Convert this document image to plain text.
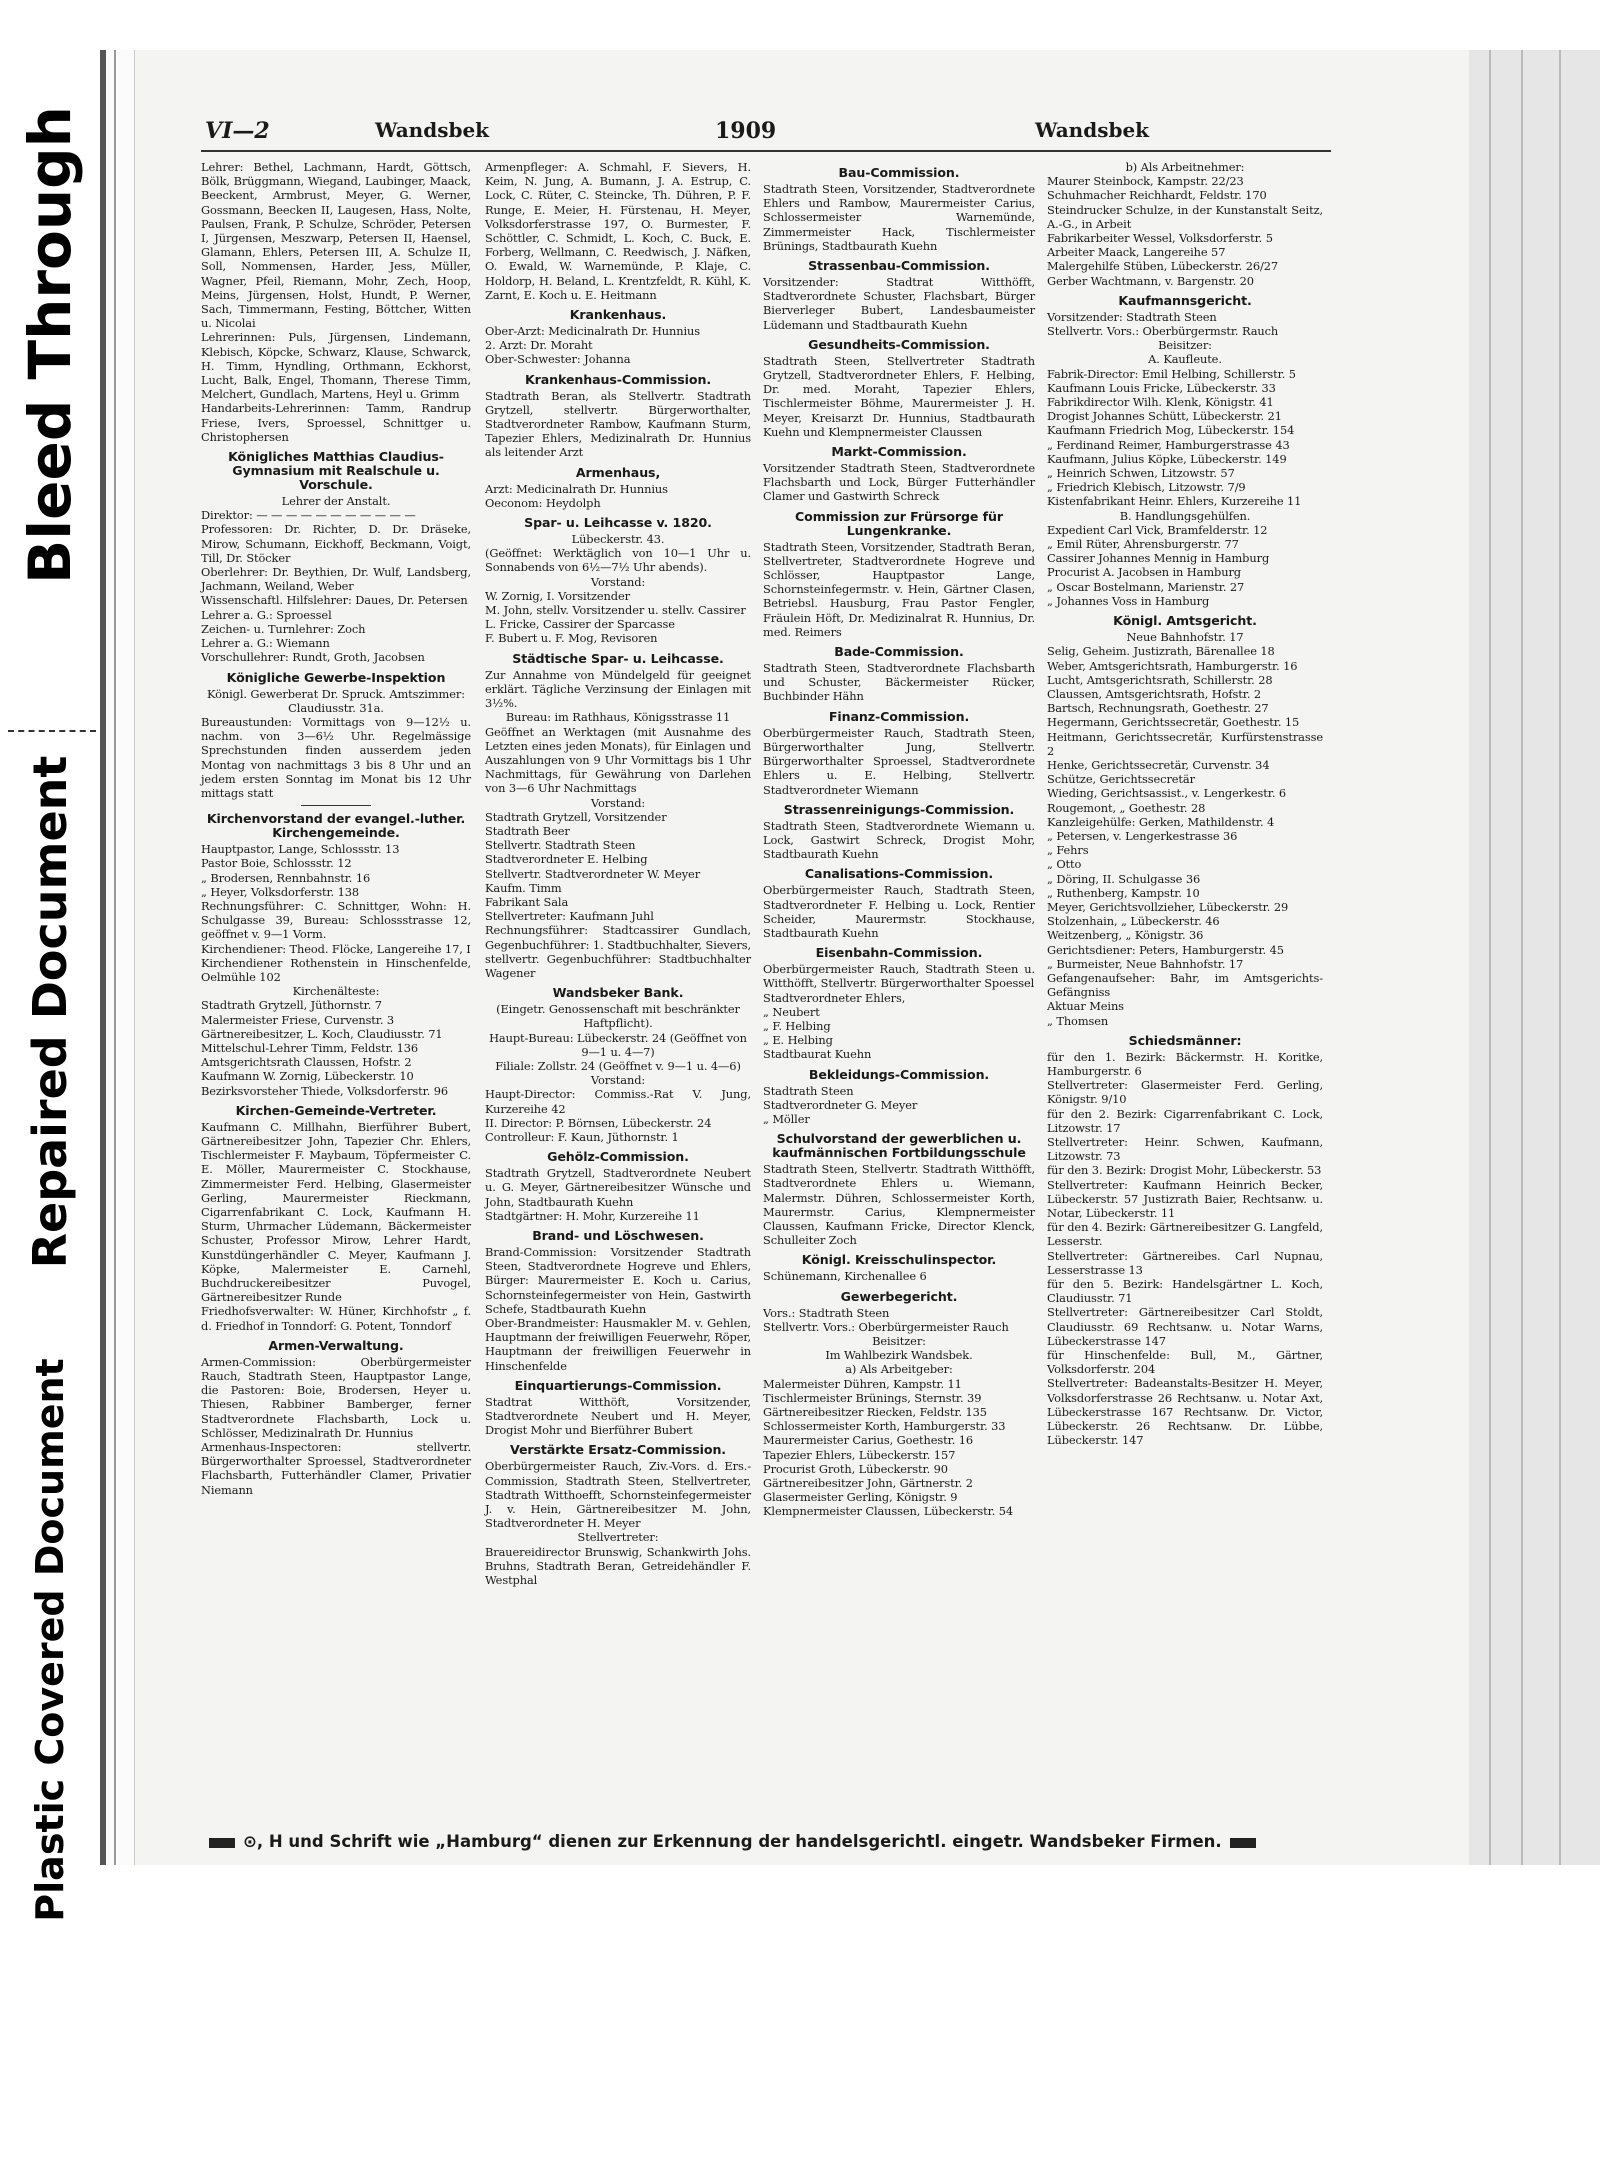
Bleed Through
Repaired Document
Plastic Covered Document
VI—2	Wandsbek	1909	Wandsbek

Lehrer: Bethel, Lachmann, Hardt, Göttsch, Bölk, Brüggmann, Wiegand, Laubinger, Maack, Beeckent, Armbrust, Meyer, G. Werner, Gossmann, Beecken II, Laugesen, Hass, Nolte, Paulsen, Frank, P. Schulze, Schröder, Petersen I, Jürgensen, Meszwarp, Petersen II, Haensel, Glamann, Ehlers, Petersen III, A. Schulze II, Soll, Nommensen, Harder, Jess, Müller, Wagner, Pfeil, Riemann, Mohr, Zech, Hoop, Meins, Jürgensen, Holst, Hundt, P. Werner, Sach, Timmermann, Festing, Böttcher, Witten u. Nicolai

Lehrerinnen: Puls, Jürgensen, Lindemann, Klebisch, Köpcke, Schwarz, Klause, Schwarck, H. Timm, Hyndling, Orthmann, Eckhorst, Lucht, Balk, Engel, Thomann, Therese Timm, Melchert, Gundlach, Martens, Heyl u. Grimm

Handarbeits-Lehrerinnen: Tamm, Randrup Friese, Ivers, Sproessel, Schnittger u. Christophersen

Königliches Matthias Claudius-Gymnasium mit Realschule u. Vorschule.

Lehrer der Anstalt.

Direktor: — — — — — — — — — — —

Professoren: Dr. Richter, D. Dr. Dräseke, Mirow, Schumann, Eickhoff, Beckmann, Voigt, Till, Dr. Stöcker

Oberlehrer: Dr. Beythien, Dr. Wulf, Landsberg, Jachmann, Weiland, Weber

Wissenschaftl. Hilfslehrer: Daues, Dr. Petersen

Lehrer a. G.: Sproessel

Zeichen- u. Turnlehrer: Zoch

Lehrer a. G.: Wiemann

Vorschullehrer: Rundt, Groth, Jacobsen

Königliche Gewerbe-Inspektion

Königl. Gewerberat Dr. Spruck. Amtszimmer: Claudiusstr. 31a.

Bureaustunden: Vormittags von 9—12½ u. nachm. von 3—6½ Uhr. Regelmässige Sprechstunden finden ausserdem jeden Montag von nachmittags 3 bis 8 Uhr und an jedem ersten Sonntag im Monat bis 12 Uhr mittags statt

Kirchenvorstand der evangel.-luther. Kirchengemeinde.

Hauptpastor, Lange, Schlossstr. 13

Pastor Boie, Schlossstr. 12

„ Brodersen, Rennbahnstr. 16

„ Heyer, Volksdorferstr. 138

Rechnungsführer: C. Schnittger, Wohn: H. Schulgasse 39, Bureau: Schlossstrasse 12, geöffnet v. 9—1 Vorm.

Kirchendiener: Theod. Flöcke, Langereihe 17, I

Kirchendiener Rothenstein in Hinschenfelde, Oelmühle 102

Kirchenälteste:

Stadtrath Grytzell, Jüthornstr. 7

Malermeister Friese, Curvenstr. 3

Gärtnereibesitzer, L. Koch, Claudiusstr. 71

Mittelschul-Lehrer Timm, Feldstr. 136

Amtsgerichtsrath Claussen, Hofstr. 2

Kaufmann W. Zornig, Lübeckerstr. 10

Bezirksvorsteher Thiede, Volksdorferstr. 96

Kirchen-Gemeinde-Vertreter.

Kaufmann C. Millhahn, Bierführer Bubert, Gärtnereibesitzer John, Tapezier Chr. Ehlers, Tischlermeister F. Maybaum, Töpfermeister C. E. Möller, Maurermeister C. Stockhause, Zimmermeister Ferd. Helbing, Glasermeister Gerling, Maurermeister Rieckmann, Cigarrenfabrikant C. Lock, Kaufmann H. Sturm, Uhrmacher Lüdemann, Bäckermeister Schuster, Professor Mirow, Lehrer Hardt, Kunstdüngerhändler C. Meyer, Kaufmann J. Köpke, Malermeister E. Carnehl, Buchdruckereibesitzer Puvogel, Gärtnereibesitzer Runde

Friedhofsverwalter: W. Hüner, Kirchhofstr „ f. d. Friedhof in Tonndorf: G. Potent, Tonndorf

Armen-Verwaltung.

Armen-Commission: Oberbürgermeister Rauch, Stadtrath Steen, Hauptpastor Lange, die Pastoren: Boie, Brodersen, Heyer u. Thiesen, Rabbiner Bamberger, ferner Stadtverordnete Flachsbarth, Lock u. Schlösser, Medizinalrath Dr. Hunnius

Armenhaus-Inspectoren: stellvertr. Bürgerworthalter Sproessel, Stadtverordneter Flachsbarth, Futterhändler Clamer, Privatier Niemann

Armenpfleger: A. Schmahl, F. Sievers, H. Keim, N. Jung, A. Bumann, J. A. Estrup, C. Lock, C. Rüter, C. Steincke, Th. Dühren, P. F. Runge, E. Meier, H. Fürstenau, H. Meyer, Volksdorferstrasse 197, O. Burmester, F. Schöttler, C. Schmidt, L. Koch, C. Buck, E. Forberg, Wellmann, C. Reedwisch, J. Näfken, O. Ewald, W. Warnemünde, P. Klaje, C. Holdorp, H. Beland, L. Krentzfeldt, R. Kühl, K. Zarnt, E. Koch u. E. Heitmann

Krankenhaus.

Ober-Arzt: Medicinalrath Dr. Hunnius

2. Arzt: Dr. Moraht

Ober-Schwester: Johanna

Krankenhaus-Commission.

Stadtrath Beran, als Stellvertr. Stadtrath Grytzell, stellvertr. Bürgerworthalter, Stadtverordneter Rambow, Kaufmann Sturm, Tapezier Ehlers, Medizinalrath Dr. Hunnius als leitender Arzt

Armenhaus,

Arzt: Medicinalrath Dr. Hunnius

Oeconom: Heydolph

Spar- u. Leihcasse v. 1820.

Lübeckerstr. 43.

(Geöffnet: Werktäglich von 10—1 Uhr u. Sonnabends von 6½—7½ Uhr abends).

Vorstand:

W. Zornig, I. Vorsitzender

M. John, stellv. Vorsitzender u. stellv. Cassirer

L. Fricke, Cassirer der Sparcasse

F. Bubert u. F. Mog, Revisoren

Städtische Spar- u. Leihcasse.

Zur Annahme von Mündelgeld für geeignet erklärt. Tägliche Verzinsung der Einlagen mit 3½%.

Bureau: im Rathhaus, Königsstrasse 11

Geöffnet an Werktagen (mit Ausnahme des Letzten eines jeden Monats), für Einlagen und Auszahlungen von 9 Uhr Vormittags bis 1 Uhr Nachmittags, für Gewährung von Darlehen von 3—6 Uhr Nachmittags

Vorstand:

Stadtrath Grytzell, Vorsitzender

Stadtrath Beer

Stellvertr. Stadtrath Steen

Stadtverordneter E. Helbing

Stellvertr. Stadtverordneter W. Meyer

Kaufm. Timm

Fabrikant Sala

Stellvertreter: Kaufmann Juhl

Rechnungsführer: Stadtcassirer Gundlach, Gegenbuchführer: 1. Stadtbuchhalter, Sievers, stellvertr. Gegenbuchführer: Stadtbuchhalter Wagener

Wandsbeker Bank.

(Eingetr. Genossenschaft mit beschränkter Haftpflicht).

Haupt-Bureau: Lübeckerstr. 24 (Geöffnet von 9—1 u. 4—7)

Filiale: Zollstr. 24 (Geöffnet v. 9—1 u. 4—6)

Vorstand:

Haupt-Director: Commiss.-Rat V. Jung, Kurzereihe 42

II. Director: P. Börnsen, Lübeckerstr. 24

Controlleur: F. Kaun, Jüthornstr. 1

Gehölz-Commission.

Stadtrath Grytzell, Stadtverordnete Neubert u. G. Meyer, Gärtnereibesitzer Wünsche und John, Stadtbaurath Kuehn

Stadtgärtner: H. Mohr, Kurzereihe 11

Brand- und Löschwesen.

Brand-Commission: Vorsitzender Stadtrath Steen, Stadtverordnete Hogreve und Ehlers, Bürger: Maurermeister E. Koch u. Carius, Schornsteinfegermeister von Hein, Gastwirth Schefe, Stadtbaurath Kuehn

Ober-Brandmeister: Hausmakler M. v. Gehlen, Hauptmann der freiwilligen Feuerwehr, Röper, Hauptmann der freiwilligen Feuerwehr in Hinschenfelde

Einquartierungs-Commission.

Stadtrat Witthöft, Vorsitzender, Stadtverordnete Neubert und H. Meyer, Drogist Mohr und Bierführer Bubert

Verstärkte Ersatz-Commission.

Oberbürgermeister Rauch, Ziv.-Vors. d. Ers.-Commission, Stadtrath Steen, Stellvertreter, Stadtrath Witthoefft, Schornsteinfegermeister J. v. Hein, Gärtnereibesitzer M. John, Stadtverordneter H. Meyer

Stellvertreter:

Brauereidirector Brunswig, Schankwirth Johs. Bruhns, Stadtrath Beran, Getreidehändler F. Westphal

Bau-Commission.

Stadtrath Steen, Vorsitzender, Stadtverordnete Ehlers und Rambow, Maurermeister Carius, Schlossermeister Warnemünde, Zimmermeister Hack, Tischlermeister Brünings, Stadtbaurath Kuehn

Strassenbau-Commission.

Vorsitzender: Stadtrat Witthöfft, Stadtverordnete Schuster, Flachsbart, Bürger Bierverleger Bubert, Landesbaumeister Lüdemann und Stadtbaurath Kuehn

Gesundheits-Commission.

Stadtrath Steen, Stellvertreter Stadtrath Grytzell, Stadtverordneter Ehlers, F. Helbing, Dr. med. Moraht, Tapezier Ehlers, Tischlermeister Böhme, Maurermeister J. H. Meyer, Kreisarzt Dr. Hunnius, Stadtbaurath Kuehn und Klempnermeister Claussen

Markt-Commission.

Vorsitzender Stadtrath Steen, Stadtverordnete Flachsbarth und Lock, Bürger Futterhändler Clamer und Gastwirth Schreck

Commission zur Frürsorge für Lungenkranke.

Stadtrath Steen, Vorsitzender, Stadtrath Beran, Stellvertreter, Stadtverordnete Hogreve und Schlösser, Hauptpastor Lange, Schornsteinfegermstr. v. Hein, Gärtner Clasen, Betriebsl. Hausburg, Frau Pastor Fengler, Fräulein Höft, Dr. Medizinalrat R. Hunnius, Dr. med. Reimers

Bade-Commission.

Stadtrath Steen, Stadtverordnete Flachsbarth und Schuster, Bäckermeister Rücker, Buchbinder Hähn

Finanz-Commission.

Oberbürgermeister Rauch, Stadtrath Steen, Bürgerworthalter Jung, Stellvertr. Bürgerworthalter Sproessel, Stadtverordnete Ehlers u. E. Helbing, Stellvertr. Stadtverordneter Wiemann

Strassenreinigungs-Commission.

Stadtrath Steen, Stadtverordnete Wiemann u. Lock, Gastwirt Schreck, Drogist Mohr, Stadtbaurath Kuehn

Canalisations-Commission.

Oberbürgermeister Rauch, Stadtrath Steen, Stadtverordneter F. Helbing u. Lock, Rentier Scheider, Maurermstr. Stockhause, Stadtbaurath Kuehn

Eisenbahn-Commission.

Oberbürgermeister Rauch, Stadtrath Steen u. Witthöfft, Stellvertr. Bürgerworthalter Spoessel

Stadtverordneter Ehlers,

„ Neubert

„ F. Helbing

„ E. Helbing

Stadtbaurat Kuehn

Bekleidungs-Commission.

Stadtrath Steen

Stadtverordneter G. Meyer

„ Möller

Schulvorstand der gewerblichen u. kaufmännischen Fortbildungsschule

Stadtrath Steen, Stellvertr. Stadtrath Witthöfft, Stadtverordnete Ehlers u. Wiemann, Malermstr. Dühren, Schlossermeister Korth, Maurermstr. Carius, Klempnermeister Claussen, Kaufmann Fricke, Director Klenck, Schulleiter Zoch

Königl. Kreisschulinspector.

Schünemann, Kirchenallee 6

Gewerbegericht.

Vors.: Stadtrath Steen

Stellvertr. Vors.: Oberbürgermeister Rauch

Beisitzer:

Im Wahlbezirk Wandsbek.

a) Als Arbeitgeber:

Malermeister Dühren, Kampstr. 11

Tischlermeister Brünings, Sternstr. 39

Gärtnereibesitzer Riecken, Feldstr. 135

Schlossermeister Korth, Hamburgerstr. 33

Maurermeister Carius, Goethestr. 16

Tapezier Ehlers, Lübeckerstr. 157

Procurist Groth, Lübeckerstr. 90

Gärtnereibesitzer John, Gärtnerstr. 2

Glasermeister Gerling, Königstr. 9

Klempnermeister Claussen, Lübeckerstr. 54

b) Als Arbeitnehmer:

Maurer Steinbock, Kampstr. 22/23

Schuhmacher Reichhardt, Feldstr. 170

Steindrucker Schulze, in der Kunstanstalt Seitz, A.-G., in Arbeit

Fabrikarbeiter Wessel, Volksdorferstr. 5

Arbeiter Maack, Langereihe 57

Malergehilfe Stüben, Lübeckerstr. 26/27

Gerber Wachtmann, v. Bargenstr. 20

Kaufmannsgericht.

Vorsitzender: Stadtrath Steen

Stellvertr. Vors.: Oberbürgermstr. Rauch

Beisitzer:

A. Kaufleute.

Fabrik-Director: Emil Helbing, Schillerstr. 5

Kaufmann Louis Fricke, Lübeckerstr. 33

Fabrikdirector Wilh. Klenk, Königstr. 41

Drogist Johannes Schütt, Lübeckerstr. 21

Kaufmann Friedrich Mog, Lübeckerstr. 154

„ Ferdinand Reimer, Hamburgerstrasse 43

Kaufmann, Julius Köpke, Lübeckerstr. 149

„ Heinrich Schwen, Litzowstr. 57

„ Friedrich Klebisch, Litzowstr. 7/9

Kistenfabrikant Heinr. Ehlers, Kurzereihe 11

B. Handlungsgehülfen.

Expedient Carl Vick, Bramfelderstr. 12

„ Emil Rüter, Ahrensburgerstr. 77

Cassirer Johannes Mennig in Hamburg

Procurist A. Jacobsen in Hamburg

„ Oscar Bostelmann, Marienstr. 27

„ Johannes Voss in Hamburg

Königl. Amtsgericht.

Neue Bahnhofstr. 17

Selig, Geheim. Justizrath, Bärenallee 18

Weber, Amtsgerichtsrath, Hamburgerstr. 16

Lucht, Amtsgerichtsrath, Schillerstr. 28

Claussen, Amtsgerichtsrath, Hofstr. 2

Bartsch, Rechnungsrath, Goethestr. 27

Hegermann, Gerichtssecretär, Goethestr. 15

Heitmann, Gerichtssecretär, Kurfürstenstrasse 2

Henke, Gerichtssecretär, Curvenstr. 34

Schütze, Gerichtssecretär

Wieding, Gerichtsassist., v. Lengerkestr. 6

Rougemont, „ Goethestr. 28

Kanzleigehülfe: Gerken, Mathildenstr. 4

„ Petersen, v. Lengerkestrasse 36

„ Fehrs

„ Otto

„ Döring, II. Schulgasse 36

„ Ruthenberg, Kampstr. 10

Meyer, Gerichtsvollzieher, Lübeckerstr. 29

Stolzenhain, „ Lübeckerstr. 46

Weitzenberg, „ Königstr. 36

Gerichtsdiener: Peters, Hamburgerstr. 45

„ Burmeister, Neue Bahnhofstr. 17

Gefangenaufseher: Bahr, im Amtsgerichts-Gefängniss

Aktuar Meins

„ Thomsen

Schiedsmänner:

für den 1. Bezirk: Bäckermstr. H. Koritke, Hamburgerstr. 6

Stellvertreter: Glasermeister Ferd. Gerling, Königstr. 9/10

für den 2. Bezirk: Cigarrenfabrikant C. Lock, Litzowstr. 17

Stellvertreter: Heinr. Schwen, Kaufmann, Litzowstr. 73

für den 3. Bezirk: Drogist Mohr, Lübeckerstr. 53

Stellvertreter: Kaufmann Heinrich Becker, Lübeckerstr. 57 Justizrath Baier, Rechtsanw. u. Notar, Lübeckerstr. 11

für den 4. Bezirk: Gärtnereibesitzer G. Langfeld, Lesserstr.

Stellvertreter: Gärtnereibes. Carl Nupnau, Lesserstrasse 13

für den 5. Bezirk: Handelsgärtner L. Koch, Claudiusstr. 71

Stellvertreter: Gärtnereibesitzer Carl Stoldt, Claudiusstr. 69 Rechtsanw. u. Notar Warns, Lübeckerstrasse 147

für Hinschenfelde: Bull, M., Gärtner, Volksdorferstr. 204

Stellvertreter: Badeanstalts-Besitzer H. Meyer, Volksdorferstrasse 26 Rechtsanw. u. Notar Axt, Lübeckerstrasse 167 Rechtsanw. Dr. Victor, Lübeckerstr. 26 Rechtsanw. Dr. Lübbe, Lübeckerstr. 147

⊙, H und Schrift wie „Hamburg“ dienen zur Erkennung der handelsgerichtl. eingetr. Wandsbeker Firmen.
